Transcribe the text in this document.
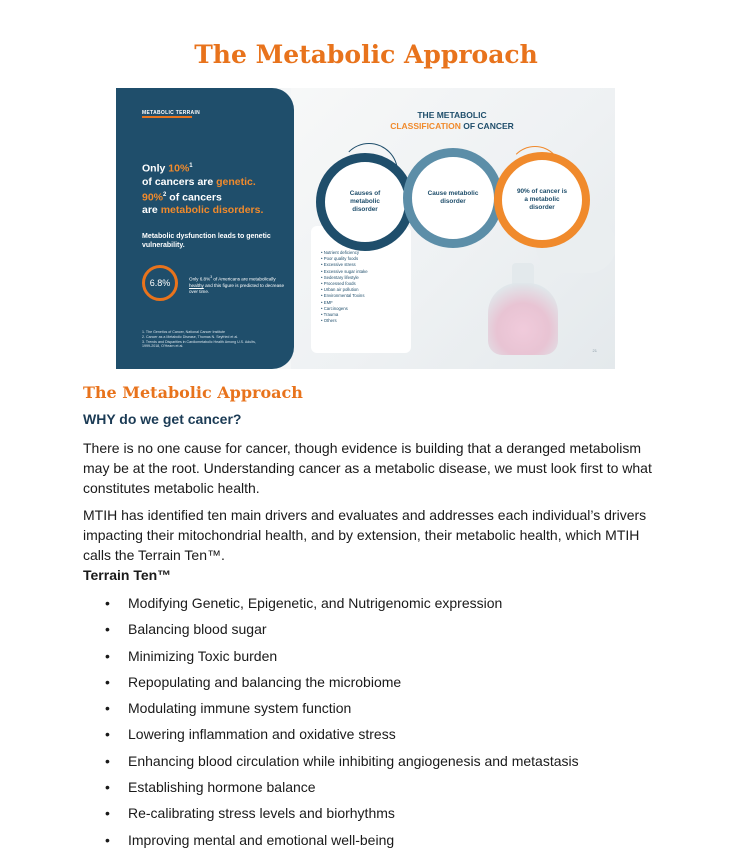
The Metabolic Approach
METABOLIC TERRAIN
Only 10%$^1$
of cancers are genetic.
90%$^2$ of cancers
are metabolic disorders.
Metabolic dysfunction leads to genetic vulnerability.
6.8%	Only 6.8%$^3$ of Americans are metabolically healthy and this figure is predicted to decrease over time.
1. The Genetics of Cancer, National Cancer Institute
2. Cancer as a Metabolic Disease, Thomas N. Seyfried et al.
3. Trends and Disparities in Cardiometabolic Health Among U.S. Adults,
1999-2018, O'Hearn et al.
THE METABOLIC
CLASSIFICATION OF CANCER
Causes of metabolic disorder
Cause metabolic disorder
90% of cancer is a metabolic disorder
• Nutrient deficiency
• Poor quality foods
• Excessive stress
• Excessive sugar intake
• Sedentary lifestyle
• Processed foods
• Urban air pollution
• Environmental Toxins
• EMF
• Carcinogens
• Trauma
• Others
21
The Metabolic Approach
WHY do we get cancer?
There is no one cause for cancer, though evidence is building that a deranged metabolism may be at the root. Understanding cancer as a metabolic disease, we must look first to what constitutes metabolic health.
MTIH has identified ten main drivers and evaluates and addresses each individual’s drivers impacting their mitochondrial health, and by extension, their metabolic health, which MTIH calls the Terrain Ten™.
Terrain Ten™
• Modifying Genetic, Epigenetic, and Nutrigenomic expression
• Balancing blood sugar
• Minimizing Toxic burden
• Repopulating and balancing the microbiome
• Modulating immune system function
• Lowering inflammation and oxidative stress
• Enhancing blood circulation while inhibiting angiogenesis and metastasis
• Establishing hormone balance
• Re-calibrating stress levels and biorhythms
• Improving mental and emotional well-being
